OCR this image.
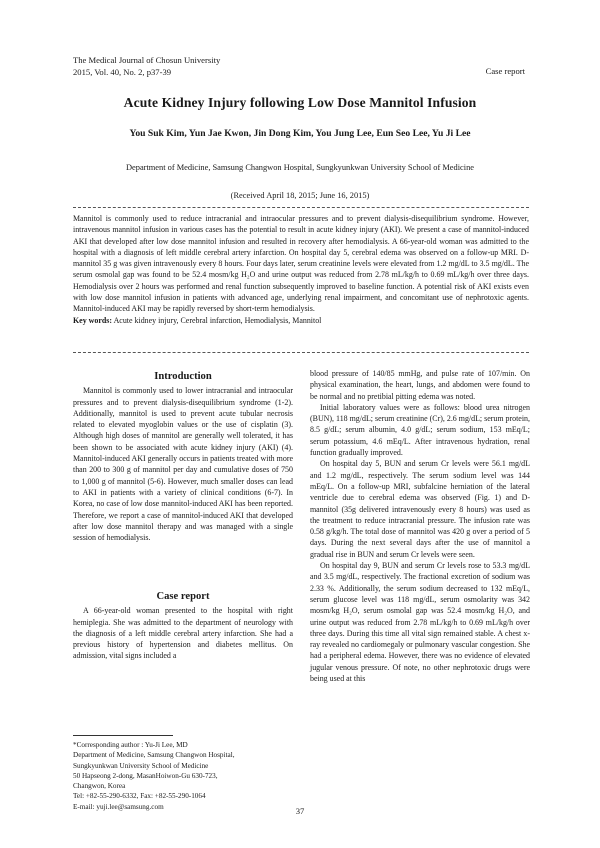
The Medical Journal of Chosun University
2015, Vol. 40, No. 2, p37-39	Case report
Acute Kidney Injury following Low Dose Mannitol Infusion
You Suk Kim, Yun Jae Kwon, Jin Dong Kim, You Jung Lee, Eun Seo Lee, Yu Ji Lee
Department of Medicine, Samsung Changwon Hospital, Sungkyunkwan University School of Medicine
(Received April 18, 2015; June 16, 2015)

Mannitol is commonly used to reduce intracranial and intraocular pressures and to prevent dialysis-disequilibrium syndrome. However, intravenous mannitol infusion in various cases has the potential to result in acute kidney injury (AKI). We present a case of mannitol-induced AKI that developed after low dose mannitol infusion and resulted in recovery after hemodialysis. A 66-year-old woman was admitted to the hospital with a diagnosis of left middle cerebral artery infarction. On hospital day 5, cerebral edema was observed on a follow-up MRI. D-mannitol 35 g was given intravenously every 8 hours. Four days later, serum creatinine levels were elevated from 1.2 mg/dL to 3.5 mg/dL. The serum osmolal gap was found to be 52.4 mosm/kg H₂O and urine output was reduced from 2.78 mL/kg/h to 0.69 mL/kg/h over three days. Hemodialysis over 2 hours was performed and renal function subsequently improved to baseline function. A potential risk of AKI exists even with low dose mannitol infusion in patients with advanced age, underlying renal impairment, and concomitant use of nephrotoxic agents. Mannitol-induced AKI may be rapidly reversed by short-term hemodialysis.

Key words: Acute kidney injury, Cerebral infarction, Hemodialysis, Mannitol

Introduction

Mannitol is commonly used to lower intracranial and intraocular pressures and to prevent dialysis-disequilibrium syndrome (1-2). Additionally, mannitol is used to prevent acute tubular necrosis related to elevated myoglobin values or the use of cisplatin (3). Although high doses of mannitol are generally well tolerated, it has been shown to be associated with acute kidney injury (AKI) (4). Mannitol-induced AKI generally occurs in patients treated with more than 200 to 300 g of mannitol per day and cumulative doses of 750 to 1,000 g of mannitol (5-6). However, much smaller doses can lead to AKI in patients with a variety of clinical conditions (6-7). In Korea, no case of low dose mannitol-induced AKI has been reported. Therefore, we report a case of mannitol-induced AKI that developed after low dose mannitol therapy and was managed with a single session of hemodialysis.

Case report

A 66-year-old woman presented to the hospital with right hemiplegia. She was admitted to the department of neurology with the diagnosis of a left middle cerebral artery infarction. She had a previous history of hypertension and diabetes mellitus. On admission, vital signs included a

*Corresponding author : Yu-Ji Lee, MD
Department of Medicine, Samsung Changwon Hospital,
Sungkyunkwan University School of Medicine
50 Hapseong 2-dong, MasanHoiwon-Gu 630-723,
Changwon, Korea
Tel: +82-55-290-6332, Fax: +82-55-290-1064
E-mail: yuji.lee@samsung.com

blood pressure of 140/85 mmHg, and pulse rate of 107/min. On physical examination, the heart, lungs, and abdomen were found to be normal and no pretibial pitting edema was noted.

Initial laboratory values were as follows: blood urea nitrogen (BUN), 118 mg/dL; serum creatinine (Cr), 2.6 mg/dL; serum protein, 8.5 g/dL; serum albumin, 4.0 g/dL; serum sodium, 153 mEq/L; serum potassium, 4.6 mEq/L. After intravenous hydration, renal function gradually improved.

On hospital day 5, BUN and serum Cr levels were 56.1 mg/dL and 1.2 mg/dL, respectively. The serum sodium level was 144 mEq/L. On a follow-up MRI, subfalcine herniation of the lateral ventricle due to cerebral edema was observed (Fig. 1) and D-mannitol (35g delivered intravenously every 8 hours) was used as the treatment to reduce intracranial pressure. The infusion rate was 0.58 g/kg/h. The total dose of mannitol was 420 g over a period of 5 days. During the next several days after the use of mannitol a gradual rise in BUN and serum Cr levels were seen.

On hospital day 9, BUN and serum Cr levels rose to 53.3 mg/dL and 3.5 mg/dL, respectively. The fractional excretion of sodium was 2.33 %. Additionally, the serum sodium decreased to 132 mEq/L, serum glucose level was 118 mg/dL, serum osmolarity was 342 mosm/kg H₂O, serum osmolal gap was 52.4 mosm/kg H₂O, and urine output was reduced from 2.78 mL/kg/h to 0.69 mL/kg/h over three days. During this time all vital sign remained stable. A chest x-ray revealed no cardiomegaly or pulmonary vascular congestion. She had a peripheral edema. However, there was no evidence of elevated jugular venous pressure. Of note, no other nephrotoxic drugs were being used at this

37
